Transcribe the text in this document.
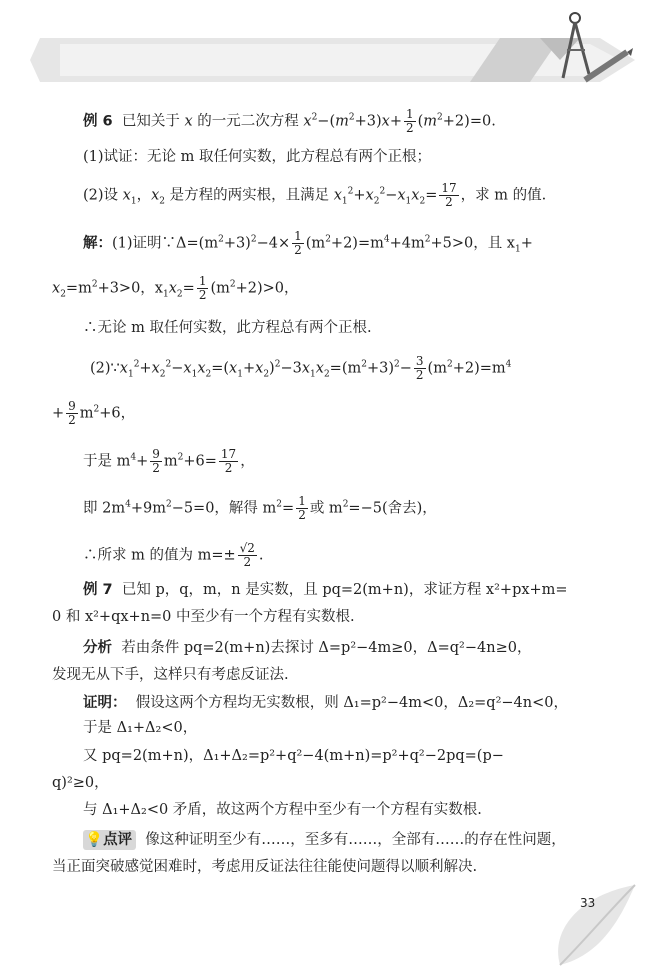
例 6 已知关于 x 的一元二次方程 $x^2-(m^2+3)x+ \frac{1}{2} (m^2+2)=0$.
(1)试证：无论 m 取任何实数，此方程总有两个正根；
(2)设 $x_1$，$x_2$ 是方程的两实根，且满足 $x_1^2+x_2^2-x_1x_2= \frac{17}{2}$ ，求 m 的值.
解：(1)证明$\because\Delta=(m^2+3)^2-4\times \frac{1}{2} (m^2+2)=m^4+4m^2+5>0$，且 $x_1+$
$x_2=m^2+3>0$，$x_1x_2= \frac{1}{2} (m^2+2)>0$，
∴无论 m 取任何实数，此方程总有两个正根.
$(2)\because x_1^2+x_2^2-x_1x_2=(x_1+x_2)^2-3x_1x_2=(m^2+3)^2- \frac{3}{2} (m^2+2)=m^4$
+ $\frac{9}{2} m^2+6$，
于是 $m^4+ \frac{9}{2} m^2+6= \frac{17}{2}$ ，
即 $2m^4+9m^2-5=0$，解得 $m^2= \frac{1}{2}$ 或 $m^2=-5$(舍去)，
∴所求 m 的值为 $m=\pm \frac{√2}{2}$ .
例 7 已知 p，q，m，n 是实数，且 pq=2(m+n)，求证方程 x²+px+m=
0 和 x²+qx+n=0 中至少有一个方程有实数根.
分析 若由条件 pq=2(m+n)去探讨 Δ=p²−4m≥0，Δ=q²−4n≥0，
发现无从下手，这样只有考虑反证法.
证明： 假设这两个方程均无实数根，则 Δ₁=p²−4m<0，Δ₂=q²−4n<0，
于是 Δ₁+Δ₂<0，
又 pq=2(m+n)，Δ₁+Δ₂=p²+q²−4(m+n)=p²+q²−2pq=(p−
q)²≥0，
与 Δ₁+Δ₂<0 矛盾，故这两个方程中至少有一个方程有实数根.
💡点评 像这种证明至少有……，至多有……，全部有……的存在性问题，
当正面突破感觉困难时，考虑用反证法往往能使问题得以顺利解决.
33
